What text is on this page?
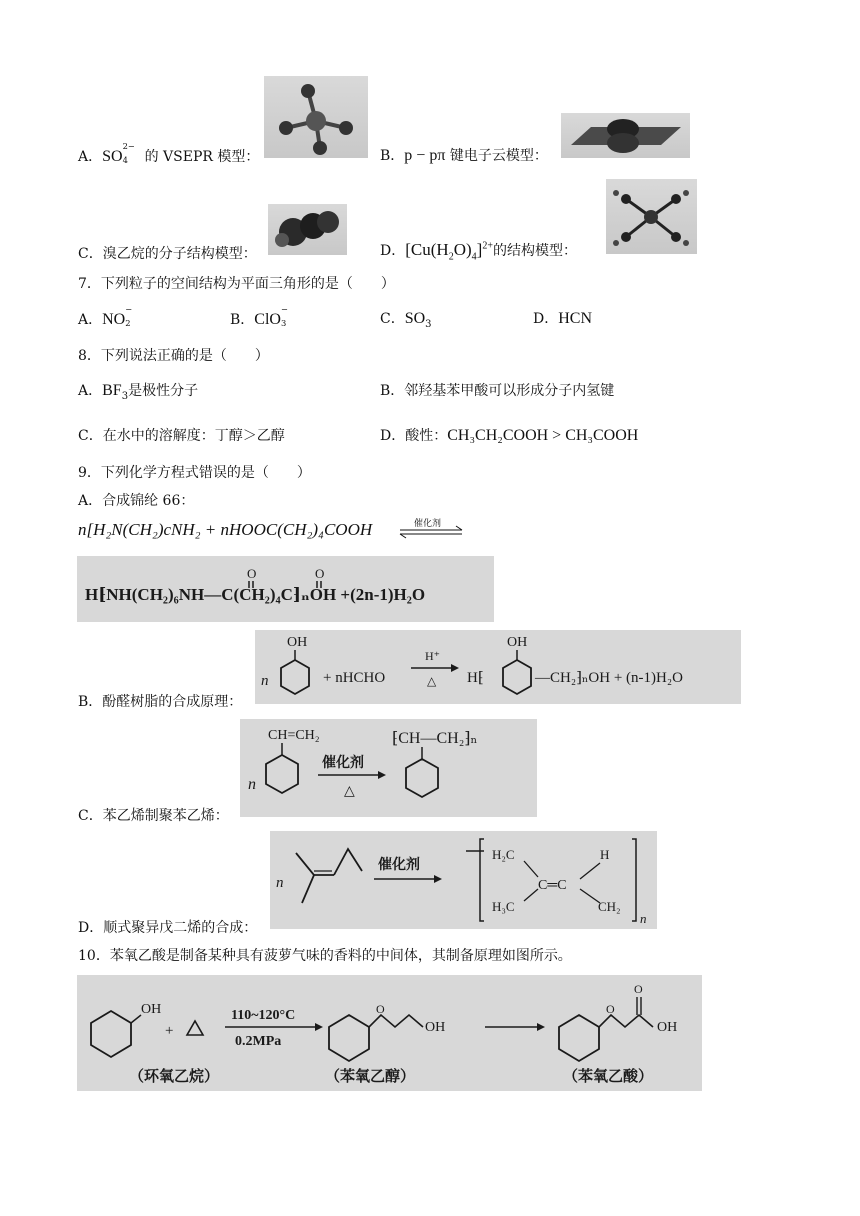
A．SO
2−
4 的 VSEPR 模型：	B．p − pπ 键电子云模型：
C．溴乙烷的分子结构模型：	D．$[Cu(H_2O)_4]^{2+}$的结构模型：
7．下列粒子的空间结构为平面三角形的是（　　）
A．NO
−
2	B．ClO
−
3	C．$SO_3$	D．HCN
8．下列说法正确的是（　　）
A．$BF_3$是极性分子	B．邻羟基苯甲酸可以形成分子内氢键
C．在水中的溶解度：丁醇＞乙醇	D．酸性：CH₃CH₂COOH > CH₃COOH
9．下列化学方程式错误的是（　　）
A．合成锦纶 66：
n[H₂N(CH₂)cNH₂ + nHOOC(CH₂)₄COOH	催化剂
H⁅NH(CH₂)₆NH—C(CH₂)₄C⁆ₙOH +(2n-1)H₂O
O	O
B．酚醛树脂的合成原理：
n
OH
+ nHCHO
H⁺
△ H⁅
OH
—CH₂⁆ₙOH + (n-1)H₂O
C．苯乙烯制聚苯乙烯：
n
CH=CH₂
催化剂
△
⁅CH—CH₂⁆ₙ
D．顺式聚异戊二烯的合成：
n
催化剂
H₂C	H
C═C
H₃C	CH₂
n
10．苯氧乙酸是制备某种具有菠萝气味的香料的中间体，其制备原理如图所示。
OH
+
110~120°C
0.2MPa
O
OH
O
O
OH
（环氧乙烷）	（苯氧乙醇）	（苯氧乙酸）
